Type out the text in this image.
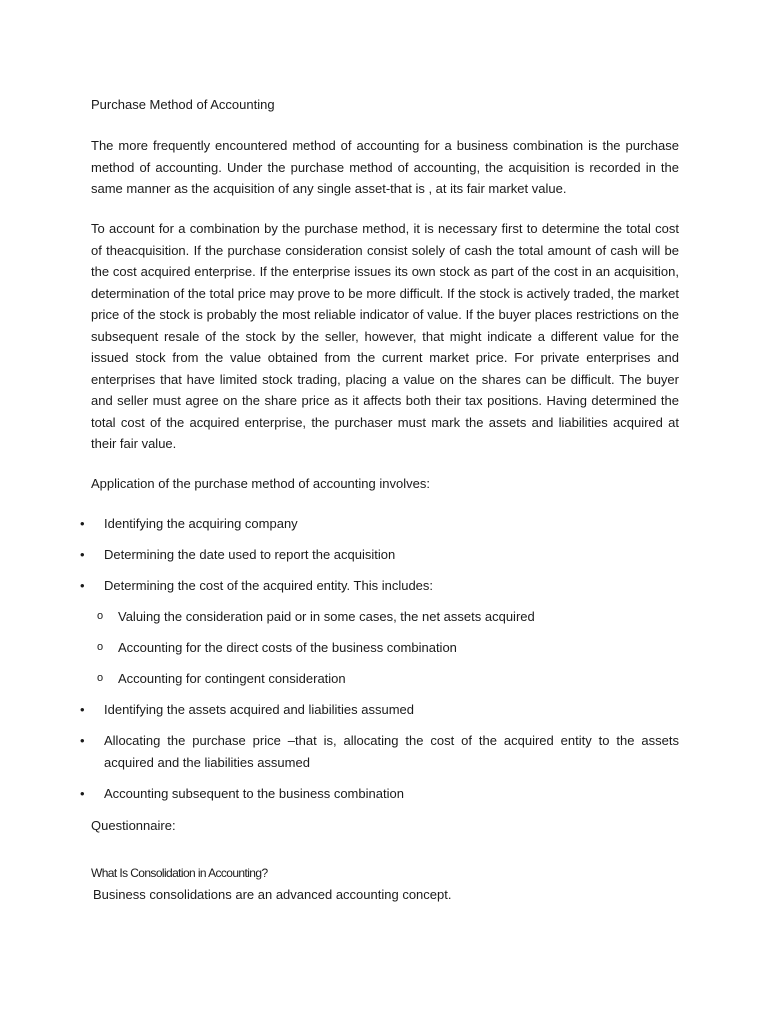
Purchase Method of Accounting

The more frequently encountered method of accounting for a business combination is the purchase method of accounting. Under the purchase method of accounting, the acquisition is recorded in the same manner as the acquisition of any single asset-that is , at its fair market value.

To account for a combination by the purchase method, it is necessary first to determine the total cost of theacquisition. If the purchase consideration consist solely of cash the total amount of cash will be the cost acquired enterprise. If the enterprise issues its own stock as part of the cost in an acquisition, determination of the total price may prove to be more difficult. If the stock is actively traded, the market price of the stock is probably the most reliable indicator of value. If the buyer places restrictions on the subsequent resale of the stock by the seller, however, that might indicate a different value for the issued stock from the value obtained from the current market price. For private enterprises and enterprises that have limited stock trading, placing a value on the shares can be difficult. The buyer and seller must agree on the share price as it affects both their tax positions. Having determined the total cost of the acquired enterprise, the purchaser must mark the assets and liabilities acquired at their fair value.

Application of the purchase method of accounting involves:

• Identifying the acquiring company
• Determining the date used to report the acquisition
• Determining the cost of the acquired entity. This includes:
o Valuing the consideration paid or in some cases, the net assets acquired
o Accounting for the direct costs of the business combination
o Accounting for contingent consideration
• Identifying the assets acquired and liabilities assumed
• Allocating the purchase price –that is, allocating the cost of the acquired entity to the assets acquired and the liabilities assumed
• Accounting subsequent to the business combination

Questionnaire:

What Is Consolidation in Accounting?

Business consolidations are an advanced accounting concept.
